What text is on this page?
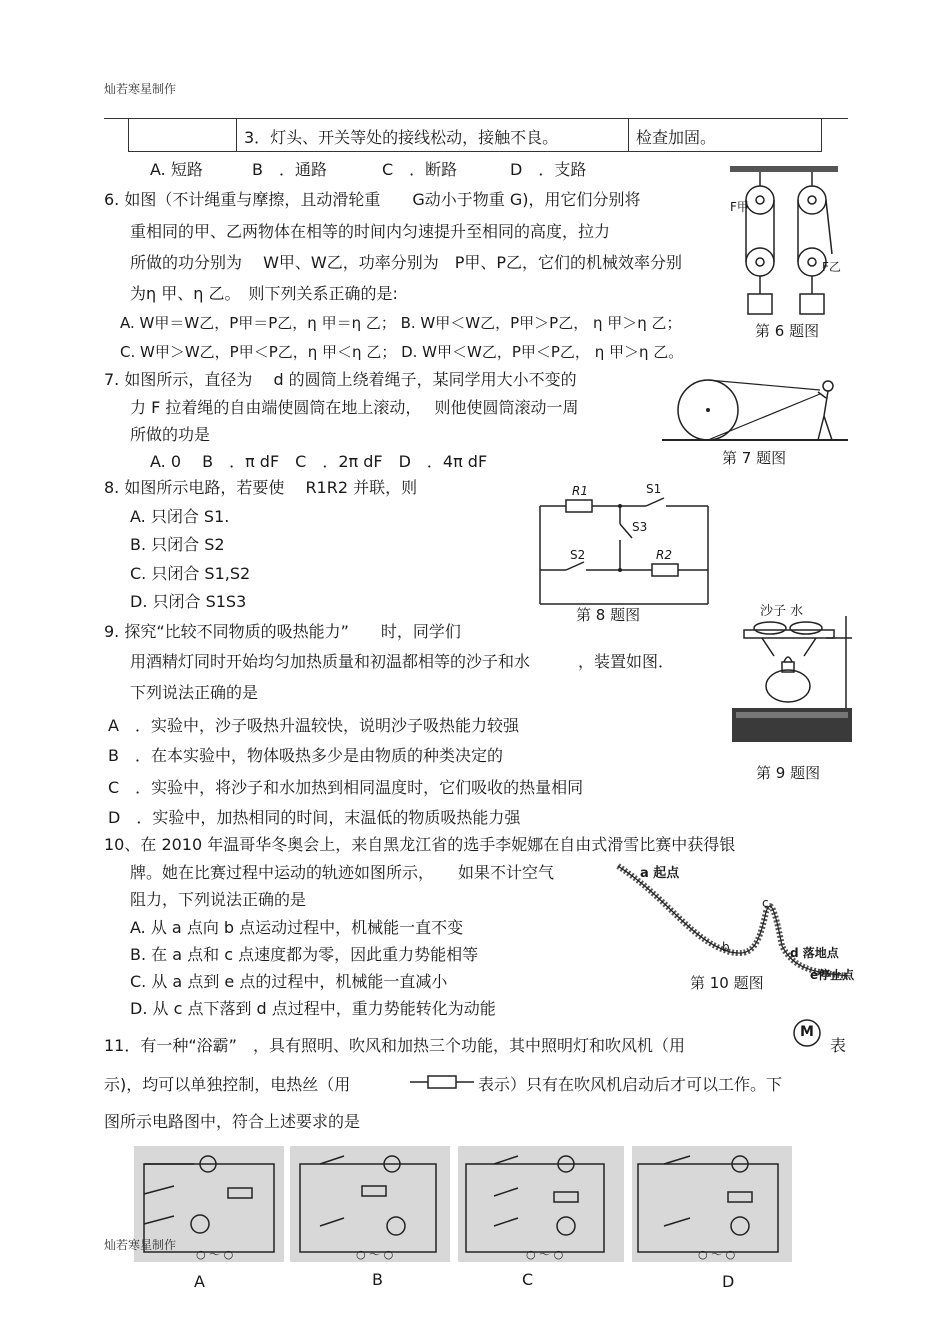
灿若寒星制作
3．灯头、开关等处的接线松动，接触不良。	检查加固。
A. 短路	B　．通路	C　．断路	D　．支路
6. 如图（不计绳重与摩擦，且动滑轮重　　G动小于物重 G)，用它们分别将
重相同的甲、乙两物体在相等的时间内匀速提升至相同的高度，拉力
所做的功分别为　 W甲、W乙，功率分别为　P甲、P乙，它们的机械效率分别
为η 甲、η 乙。　则下列关系正确的是:
A. W甲＝W乙，P甲＝P乙，η 甲＝η 乙； B. W甲＜W乙，P甲＞P乙， η 甲＞η 乙；
C. W甲＞W乙，P甲＜P乙，η 甲＜η 乙； D. W甲＜W乙，P甲＜P乙， η 甲＞η 乙。
F甲
F乙
第 6 题图
7. 如图所示，直径为　 d 的圆筒上绕着绳子，某同学用大小不变的
力 F 拉着绳的自由端使圆筒在地上滚动，　 则他使圆筒滚动一周
所做的功是
A. 0　 B　．π dF　C　．2π dF　D　．4π dF	第 7 题图
8. 如图所示电路，若要使　 R1R2 并联，则
A. 只闭合 S1.
B. 只闭合 S2
C. 只闭合 S1,S2
D. 只闭合 S1S3
R1	S1
S3
S2	R2
第 8 题图
9. 探究“比较不同物质的吸热能力”　　时，同学们
用酒精灯同时开始均匀加热质量和初温都相等的沙子和水　　　，装置如图．
下列说法正确的是
A　．实验中，沙子吸热升温较快，说明沙子吸热能力较强
B　．在本实验中，物体吸热多少是由物质的种类决定的
C　．实验中，将沙子和水加热到相同温度时，它们吸收的热量相同
D　．实验中，加热相同的时间，末温低的物质吸热能力强
沙子 水
第 9 题图
10、在 2010 年温哥华冬奥会上，来自黑龙江省的选手李妮娜在自由式滑雪比赛中获得银
牌。她在比赛过程中运动的轨迹如图所示，　　如果不计空气
阻力，下列说法正确的是
A. 从 a 点向 b 点运动过程中，机械能一直不变
B. 在 a 点和 c 点速度都为零，因此重力势能相等
C. 从 a 点到 e 点的过程中，机械能一直减小
D. 从 c 点下落到 d 点过程中，重力势能转化为动能
a 起点
b
c
d 落地点
e停止点
第 10 题图
11．有一种“浴霸”　，具有照明、吹风和加热三个功能，其中照明灯和吹风机（用
M
表
示)，均可以单独控制，电热丝（用	表示）只有在吹风机启动后才可以工作。下
图所示电路图中，符合上述要求的是
○ ～ ○	○ ～ ○	○ ～ ○	○ ～ ○
A	B	C	D
灿若寒星制作
